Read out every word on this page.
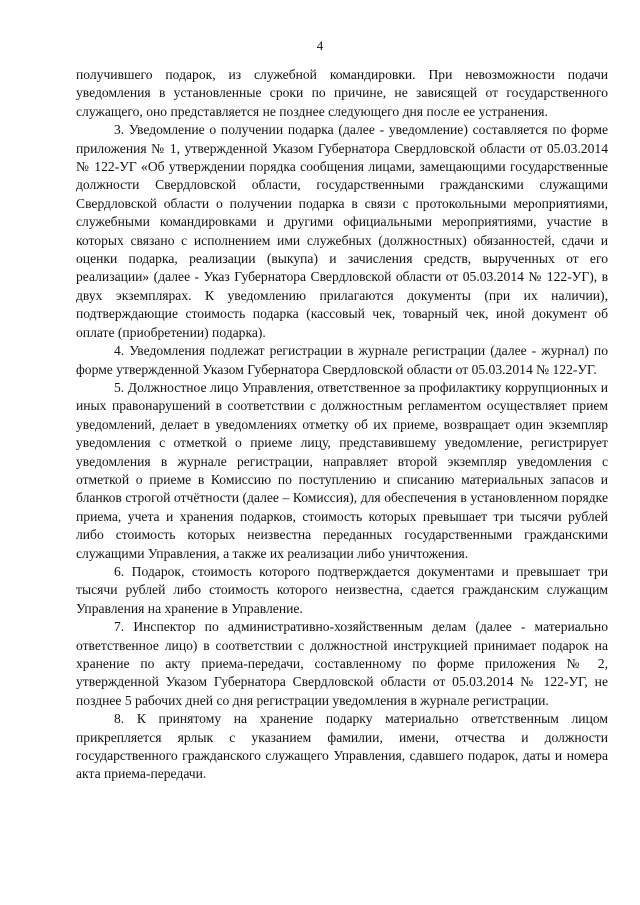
4

получившего подарок, из служебной командировки. При невозможности подачи уведомления в установленные сроки по причине, не зависящей от государственного служащего, оно представляется не позднее следующего дня после ее устранения.

3. Уведомление о получении подарка (далее - уведомление) составляется по форме приложения № 1, утвержденной Указом Губернатора Свердловской области от 05.03.2014 № 122-УГ «Об утверждении порядка сообщения лицами, замещающими государственные должности Свердловской области, государственными гражданскими служащими Свердловской области о получении подарка в связи с протокольными мероприятиями, служебными командировками и другими официальными мероприятиями, участие в которых связано с исполнением ими служебных (должностных) обязанностей, сдачи и оценки подарка, реализации (выкупа) и зачисления средств, вырученных от его реализации» (далее - Указ Губернатора Свердловской области от 05.03.2014 № 122-УГ), в двух экземплярах. К уведомлению прилагаются документы (при их наличии), подтверждающие стоимость подарка (кассовый чек, товарный чек, иной документ об оплате (приобретении) подарка).

4. Уведомления подлежат регистрации в журнале регистрации (далее - журнал) по форме утвержденной Указом Губернатора Свердловской области от 05.03.2014 № 122-УГ.

5. Должностное лицо Управления, ответственное за профилактику коррупционных и иных правонарушений в соответствии с должностным регламентом осуществляет прием уведомлений, делает в уведомлениях отметку об их приеме, возвращает один экземпляр уведомления с отметкой о приеме лицу, представившему уведомление, регистрирует уведомления в журнале регистрации, направляет второй экземпляр уведомления с отметкой о приеме в Комиссию по поступлению и списанию материальных запасов и бланков строгой отчётности (далее – Комиссия), для обеспечения в установленном порядке приема, учета и хранения подарков, стоимость которых превышает три тысячи рублей либо стоимость которых неизвестна переданных государственными гражданскими служащими Управления, а также их реализации либо уничтожения.

6. Подарок, стоимость которого подтверждается документами и превышает три тысячи рублей либо стоимость которого неизвестна, сдается гражданским служащим Управления на хранение в Управление.

7. Инспектор по административно-хозяйственным делам (далее - материально ответственное лицо) в соответствии с должностной инструкцией принимает подарок на хранение по акту приема-передачи, составленному по форме приложения № 2, утвержденной Указом Губернатора Свердловской области от 05.03.2014 № 122-УГ, не позднее 5 рабочих дней со дня регистрации уведомления в журнале регистрации.

8. К принятому на хранение подарку материально ответственным лицом прикрепляется ярлык с указанием фамилии, имени, отчества и должности государственного гражданского служащего Управления, сдавшего подарок, даты и номера акта приема-передачи.
